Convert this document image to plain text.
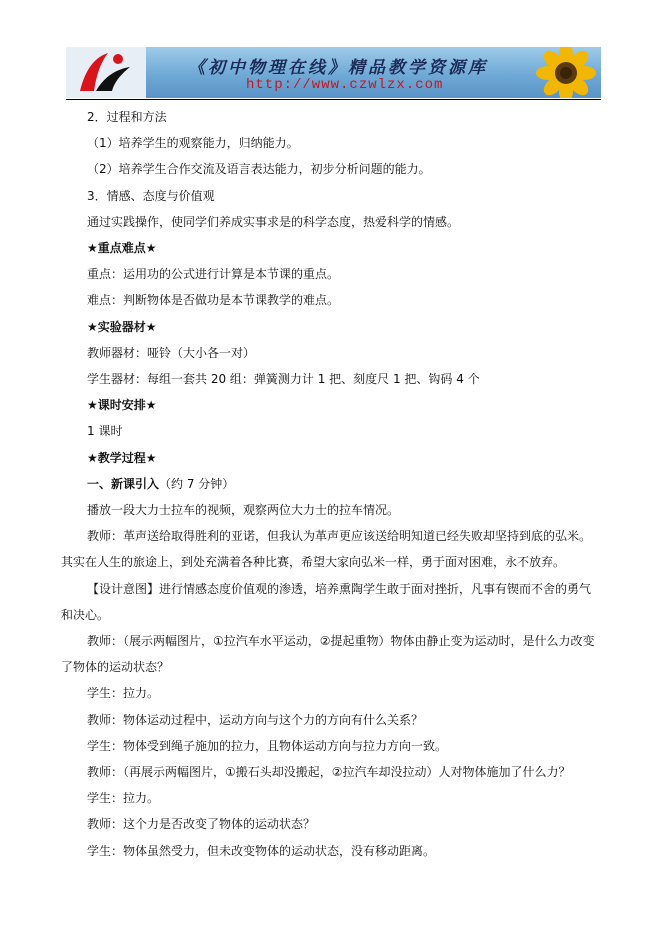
《初中物理在线》精品教学资源库
http://www.czwlzx.com

2．过程和方法

（1）培养学生的观察能力，归纳能力。

（2）培养学生合作交流及语言表达能力，初步分析问题的能力。

3．情感、态度与价值观

通过实践操作，使同学们养成实事求是的科学态度，热爱科学的情感。

★重点难点★

重点：运用功的公式进行计算是本节课的重点。

难点：判断物体是否做功是本节课教学的难点。

★实验器材★

教师器材：哑铃（大小各一对）

学生器材：每组一套共 20 组：弹簧测力计 1 把、刻度尺 1 把、钩码 4 个

★课时安排★

1 课时

★教学过程★

一、新课引入（约 7 分钟）

播放一段大力士拉车的视频，观察两位大力士的拉车情况。

教师：革声送给取得胜利的亚诺，但我认为革声更应该送给明知道已经失败却坚持到底的弘米。其实在人生的旅途上，到处充满着各种比赛，希望大家向弘米一样，勇于面对困难，永不放弃。

【设计意图】进行情感态度价值观的渗透，培养熏陶学生敢于面对挫折，凡事有锲而不舍的勇气和决心。

教师：（展示两幅图片，①拉汽车水平运动，②提起重物）物体由静止变为运动时，是什么力改变了物体的运动状态？

学生：拉力。

教师：物体运动过程中，运动方向与这个力的方向有什么关系？

学生：物体受到绳子施加的拉力，且物体运动方向与拉力方向一致。

教师：（再展示两幅图片，①搬石头却没搬起，②拉汽车却没拉动）人对物体施加了什么力？

学生：拉力。

教师：这个力是否改变了物体的运动状态？

学生：物体虽然受力，但未改变物体的运动状态，没有移动距离。
